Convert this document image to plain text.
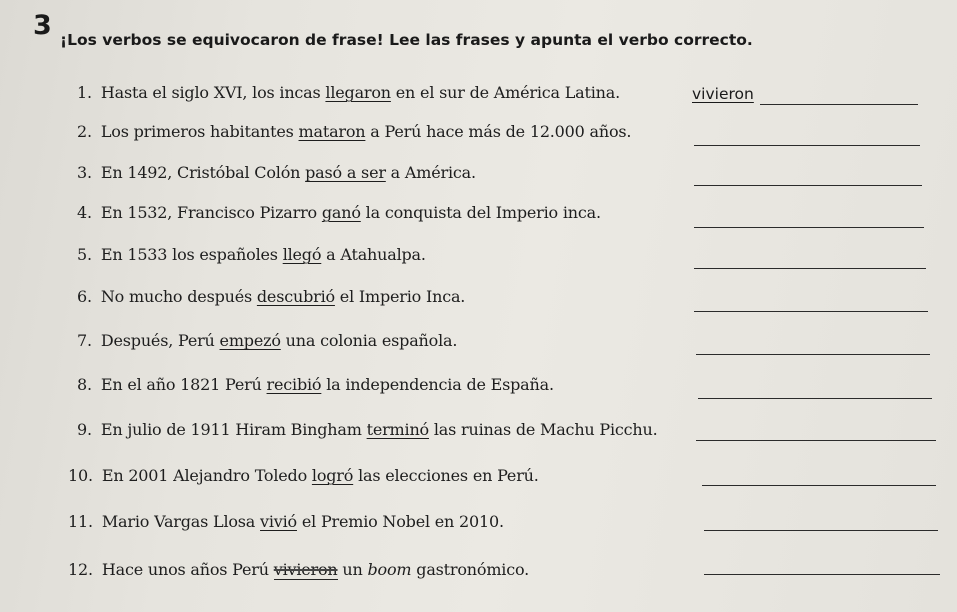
3 ¡Los verbos se equivocaron de frase! Lee las frases y apunta el verbo correcto.
1. Hasta el siglo XVI, los incas llegaron en el sur de América Latina.	vivieron
2. Los primeros habitantes mataron a Perú hace más de 12.000 años.
3. En 1492, Cristóbal Colón pasó a ser a América.
4. En 1532, Francisco Pizarro ganó la conquista del Imperio inca.
5. En 1533 los españoles llegó a Atahualpa.
6. No mucho después descubrió el Imperio Inca.
7. Después, Perú empezó una colonia española.
8. En el año 1821 Perú recibió la independencia de España.
9. En julio de 1911 Hiram Bingham terminó las ruinas de Machu Picchu.
10. En 2001 Alejandro Toledo logró las elecciones en Perú.
11. Mario Vargas Llosa vivió el Premio Nobel en 2010.
12. Hace unos años Perú vivieron un boom gastronómico.
